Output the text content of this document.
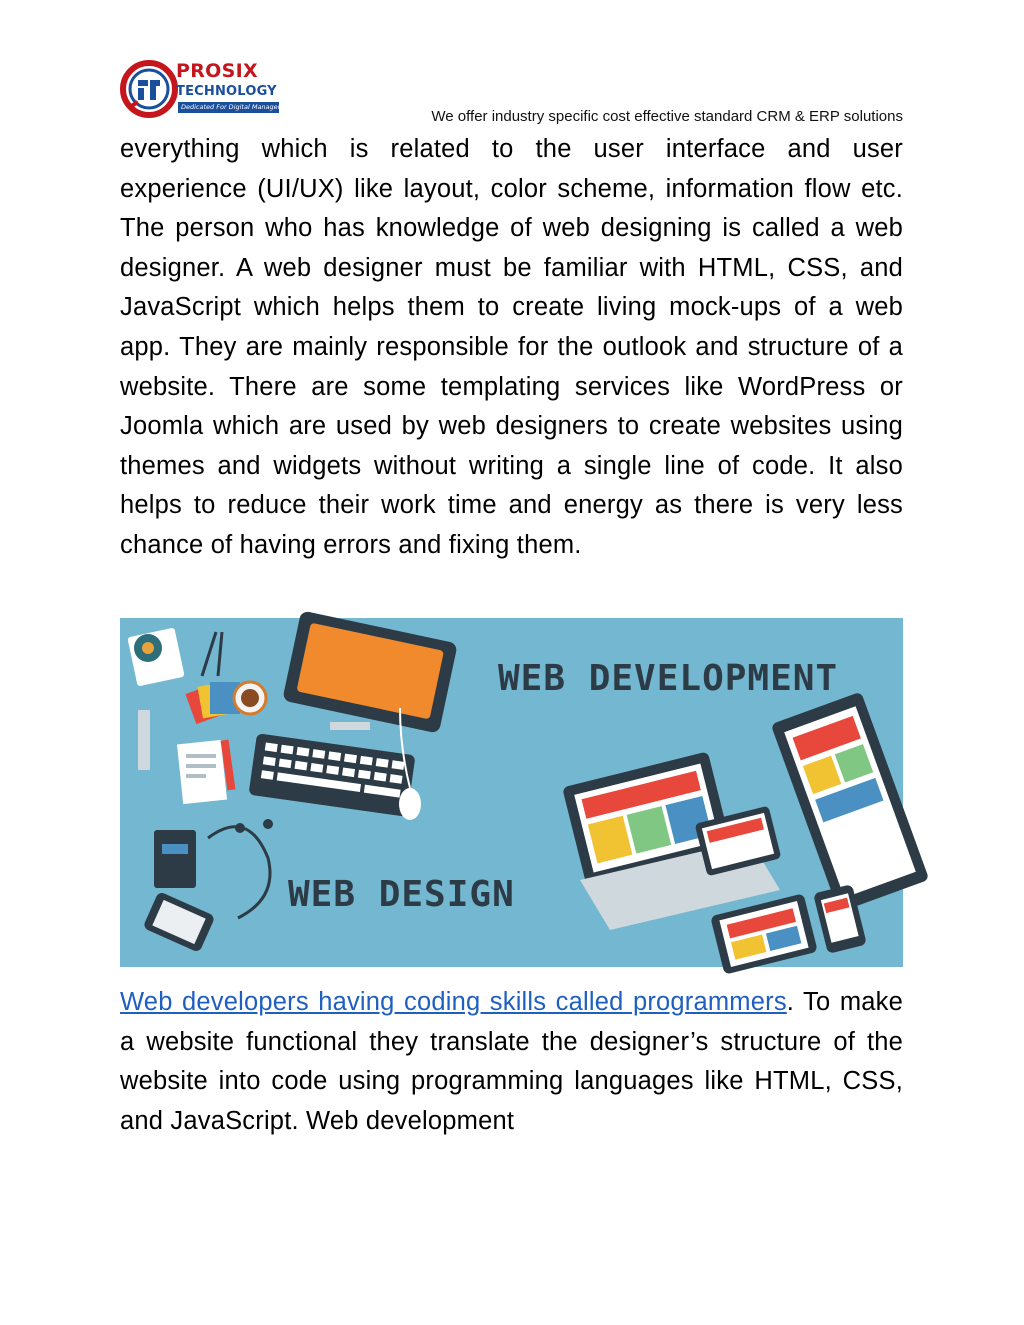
PROSIX
TECHNOLOGY
Dedicated For Digital Management...
We offer industry specific cost effective standard CRM & ERP solutions

everything which is related to the user interface and user experience (UI/UX) like layout, color scheme, information flow etc. The person who has knowledge of web designing is called a web designer. A web designer must be familiar with HTML, CSS, and JavaScript which helps them to create living mock-ups of a web app. They are mainly responsible for the outlook and structure of a website. There are some templating services like WordPress or Joomla which are used by web designers to create websites using themes and widgets without writing a single line of code. It also helps to reduce their work time and energy as there is very less chance of having errors and fixing them.

WEB DEVELOPMENT
WEB DESIGN

Web developers having coding skills called programmers. To make a website functional they translate the designer’s structure of the website into code using programming languages like HTML, CSS, and JavaScript. Web development
